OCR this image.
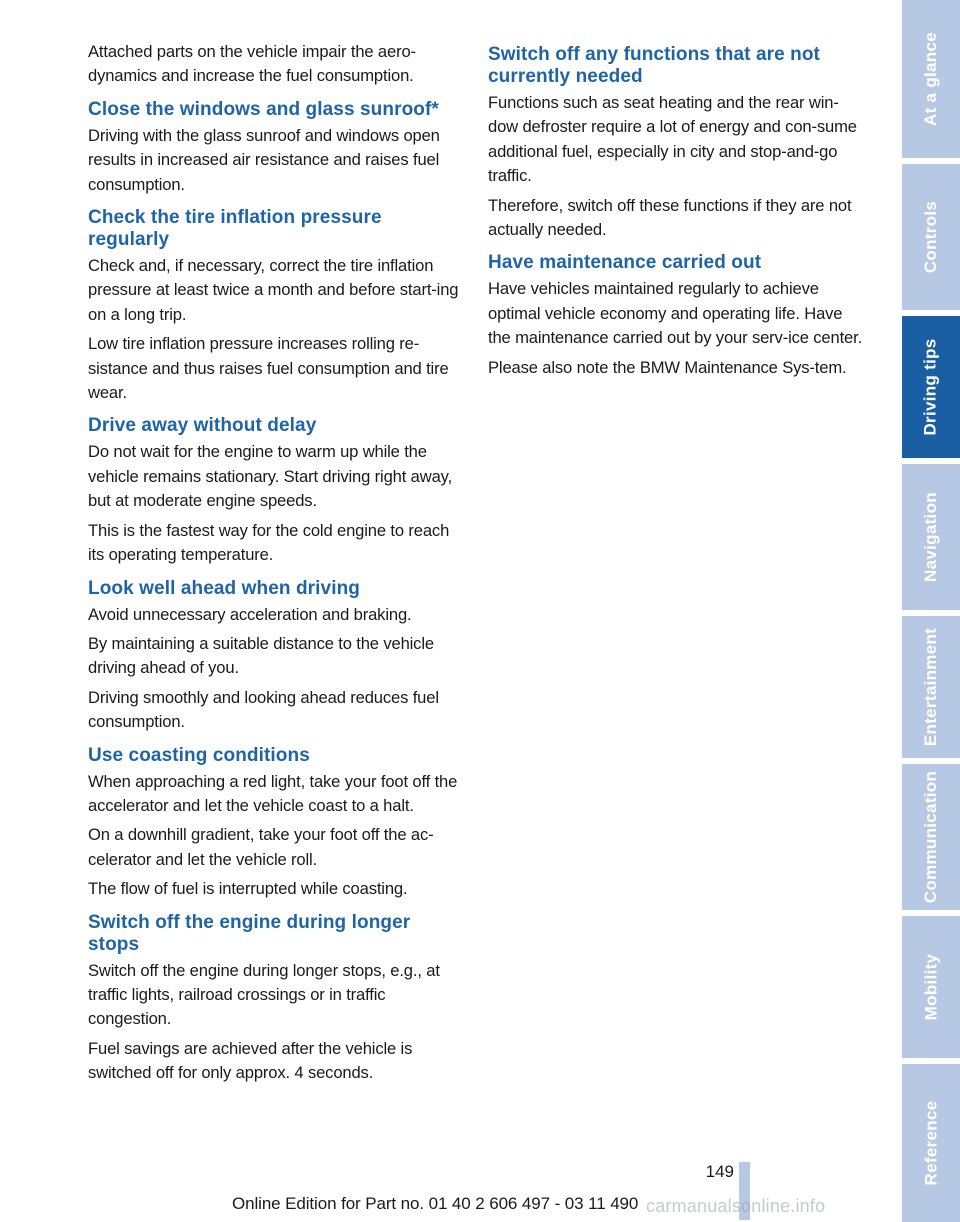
Attached parts on the vehicle impair the aero-dynamics and increase the fuel consumption.

Close the windows and glass sunroof*

Driving with the glass sunroof and windows open results in increased air resistance and raises fuel consumption.

Check the tire inflation pressure regularly

Check and, if necessary, correct the tire inflation pressure at least twice a month and before start-ing on a long trip.

Low tire inflation pressure increases rolling re-sistance and thus raises fuel consumption and tire wear.

Drive away without delay

Do not wait for the engine to warm up while the vehicle remains stationary. Start driving right away, but at moderate engine speeds.

This is the fastest way for the cold engine to reach its operating temperature.

Look well ahead when driving

Avoid unnecessary acceleration and braking.

By maintaining a suitable distance to the vehicle driving ahead of you.

Driving smoothly and looking ahead reduces fuel consumption.

Use coasting conditions

When approaching a red light, take your foot off the accelerator and let the vehicle coast to a halt.

On a downhill gradient, take your foot off the ac-celerator and let the vehicle roll.

The flow of fuel is interrupted while coasting.

Switch off the engine during longer stops

Switch off the engine during longer stops, e.g., at traffic lights, railroad crossings or in traffic congestion.

Fuel savings are achieved after the vehicle is switched off for only approx. 4 seconds.

Switch off any functions that are not currently needed

Functions such as seat heating and the rear win-dow defroster require a lot of energy and con-sume additional fuel, especially in city and stop-and-go traffic.

Therefore, switch off these functions if they are not actually needed.

Have maintenance carried out

Have vehicles maintained regularly to achieve optimal vehicle economy and operating life. Have the maintenance carried out by your serv-ice center.

Please also note the BMW Maintenance Sys-tem.

At a glance
Controls
Driving tips
Navigation
Entertainment
Communication
Mobility
Reference
149
Online Edition for Part no. 01 40 2 606 497 - 03 11 490 carmanualsonline.info
